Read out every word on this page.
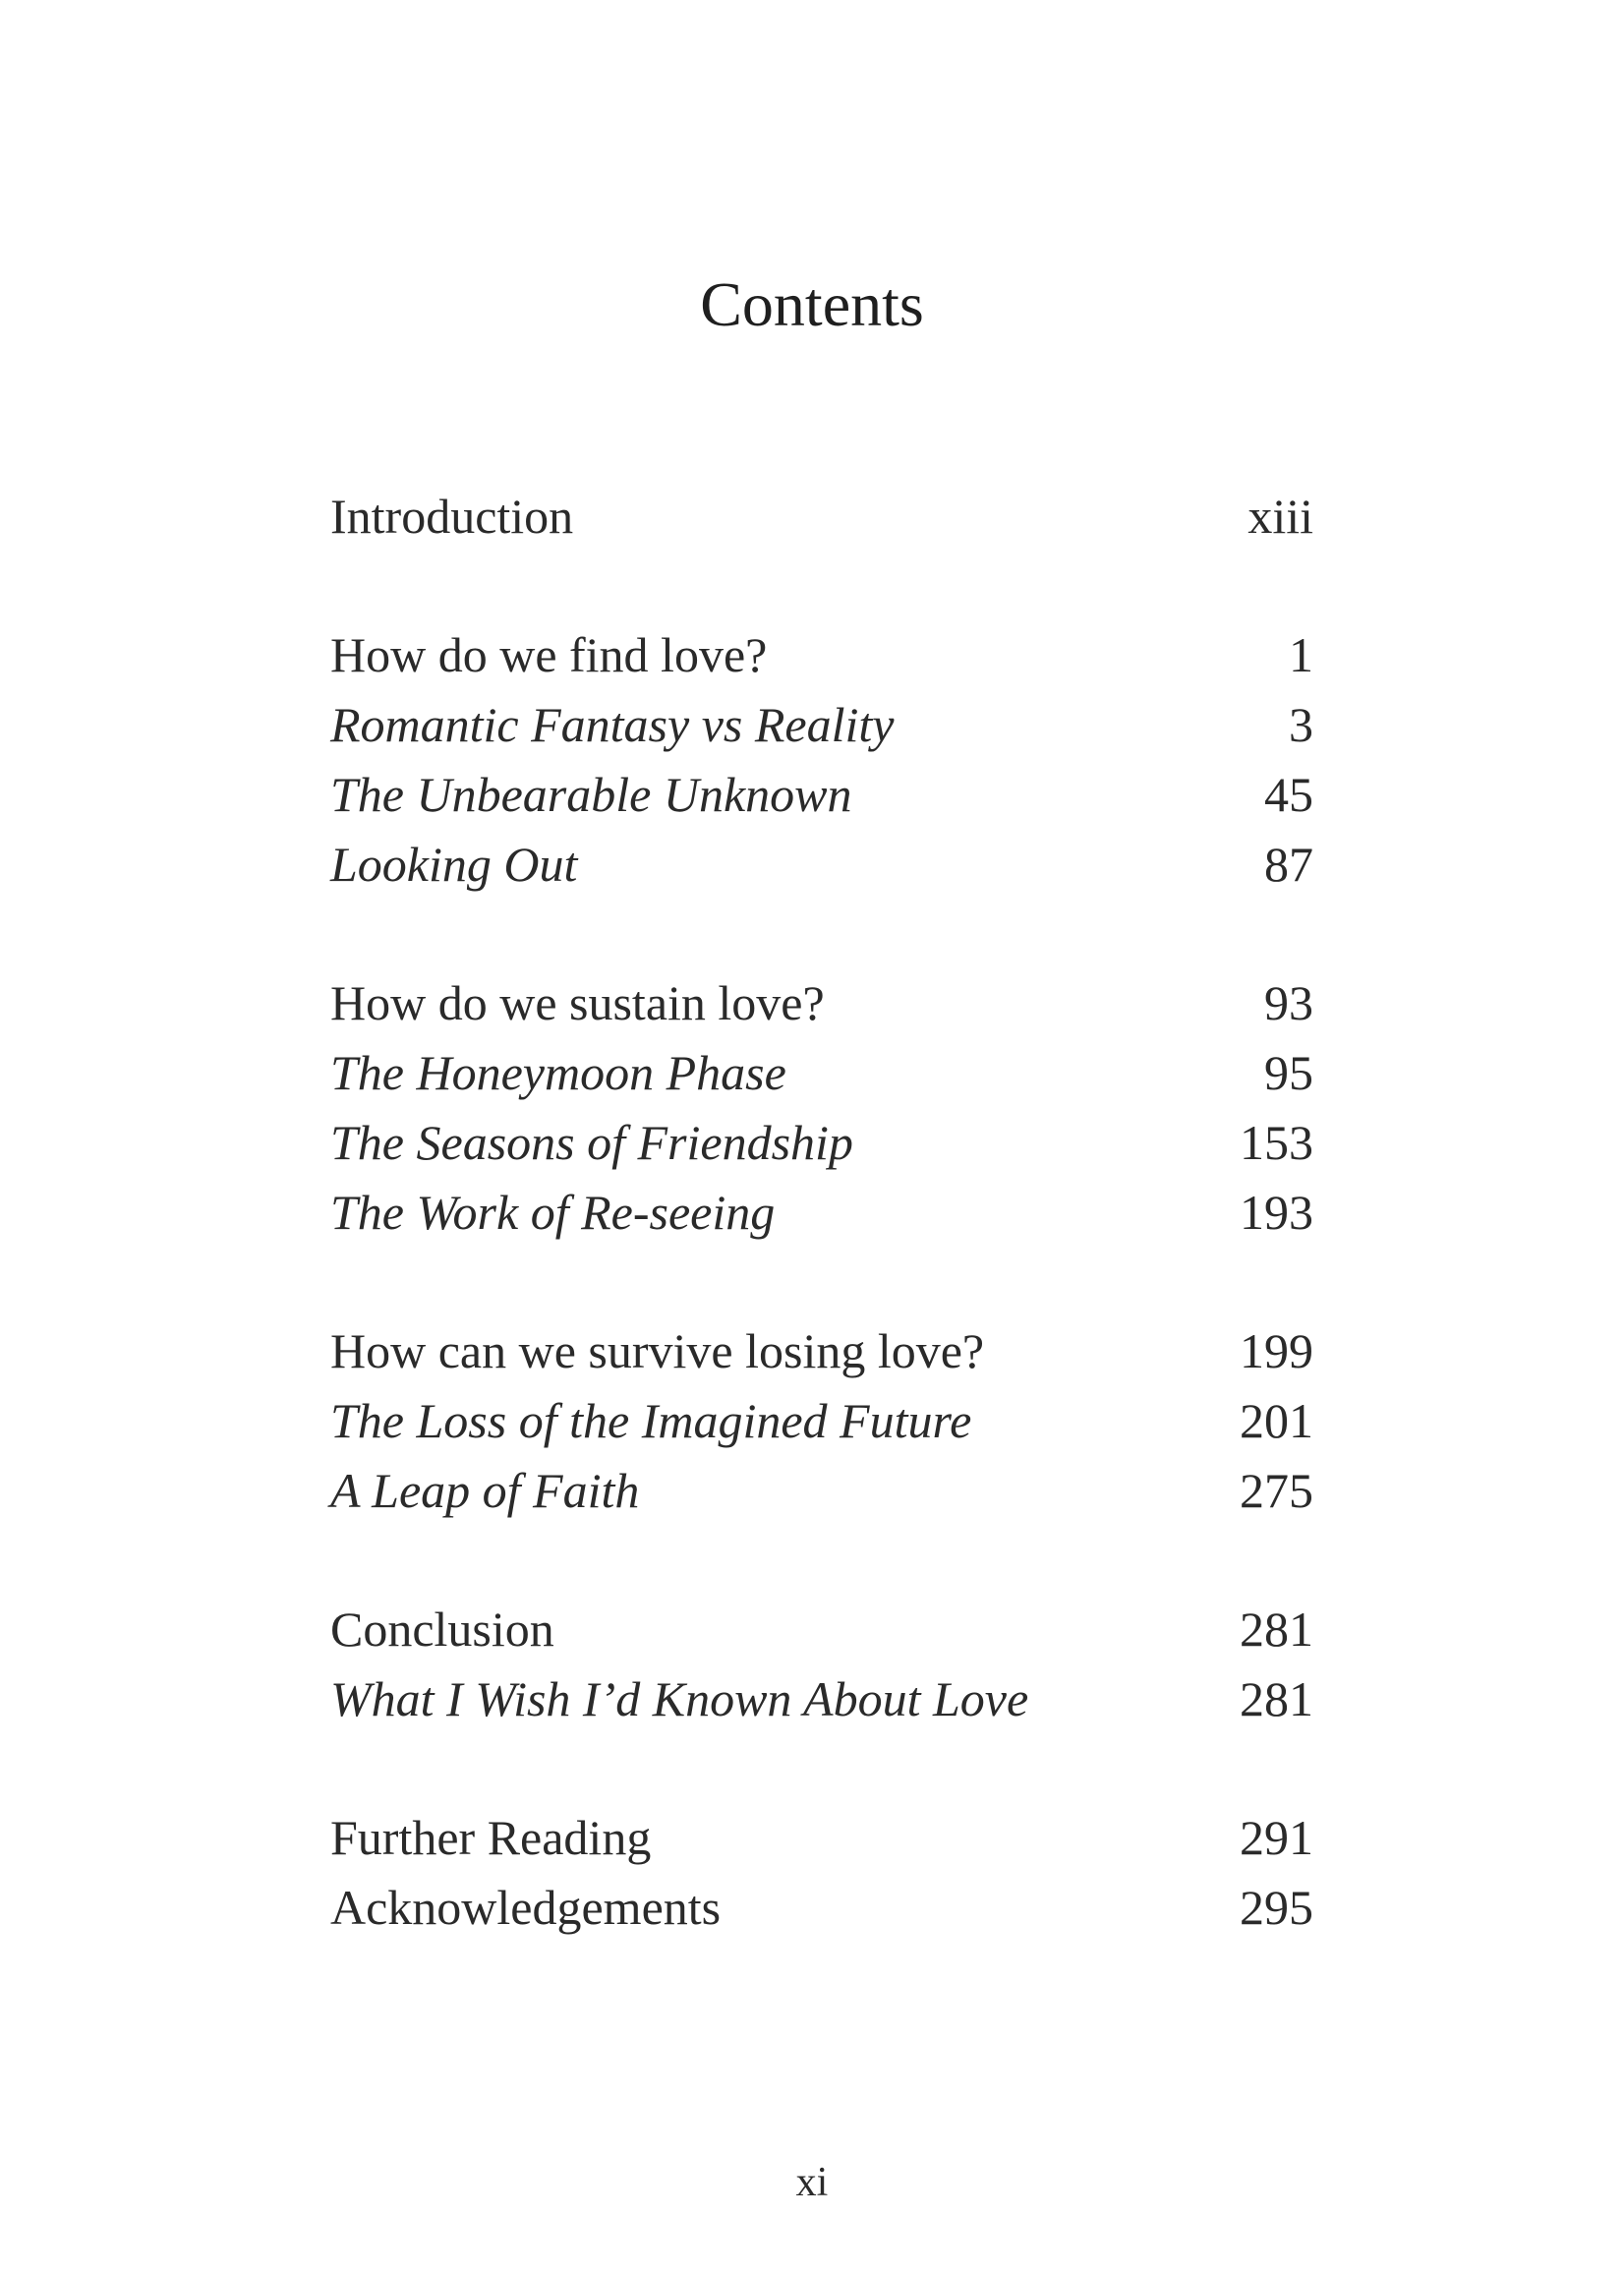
Contents
Introduction	xiii
How do we find love?	1
Romantic Fantasy vs Reality	3
The Unbearable Unknown	45
Looking Out	87
How do we sustain love?	93
The Honeymoon Phase	95
The Seasons of Friendship	153
The Work of Re-seeing	193
How can we survive losing love?	199
The Loss of the Imagined Future	201
A Leap of Faith	275
Conclusion	281
What I Wish I’d Known About Love	281
Further Reading	291
Acknowledgements	295
xi
